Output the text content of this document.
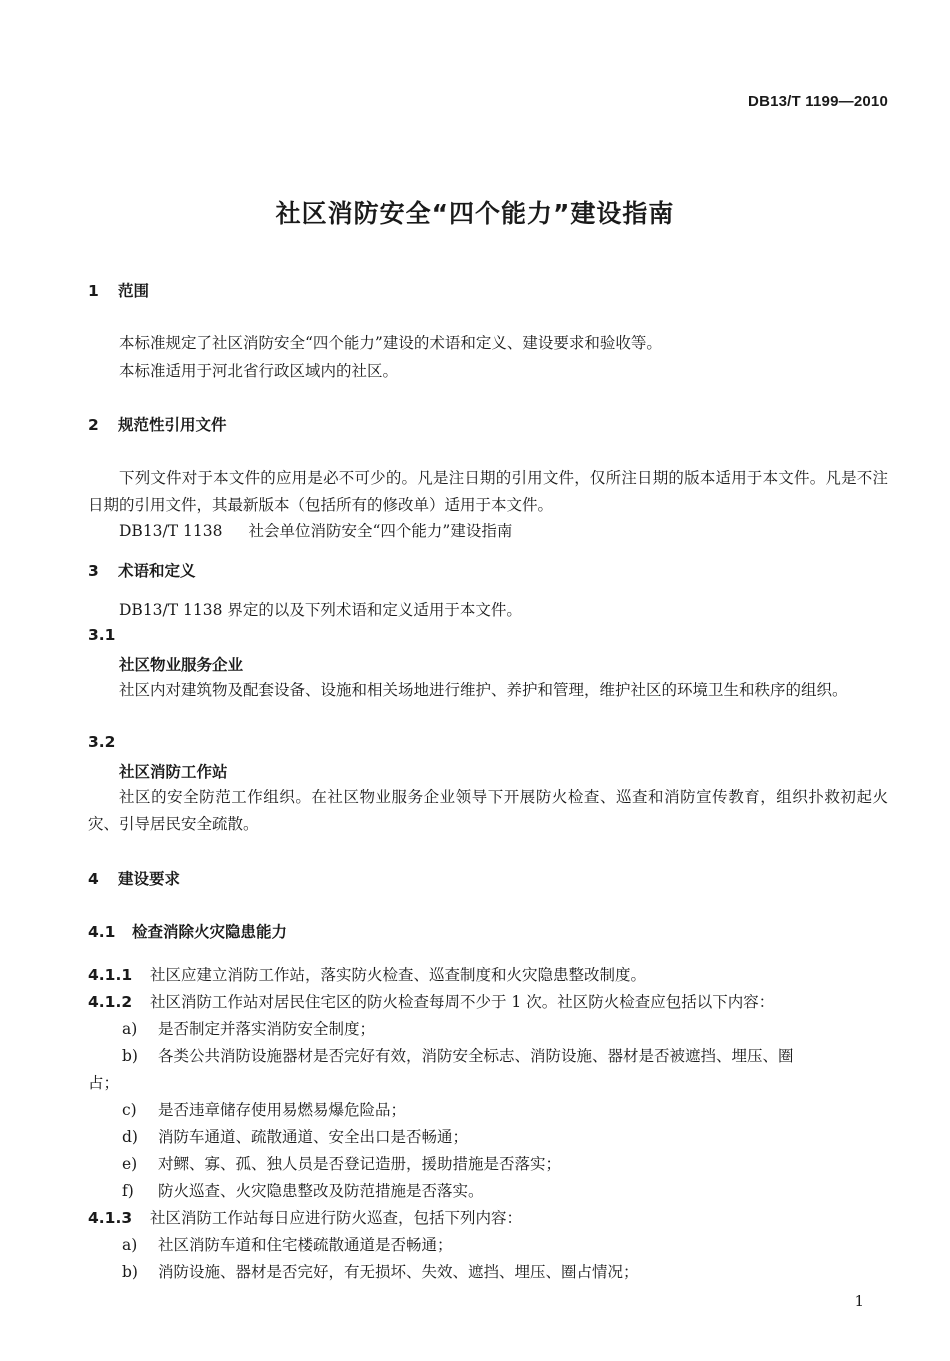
DB13/T 1199—2010
社区消防安全“四个能力”建设指南
1 范围
本标准规定了社区消防安全“四个能力”建设的术语和定义、建设要求和验收等。
本标准适用于河北省行政区域内的社区。
2 规范性引用文件
下列文件对于本文件的应用是必不可少的。凡是注日期的引用文件，仅所注日期的版本适用于本文件。凡是不注日期的引用文件，其最新版本（包括所有的修改单）适用于本文件。
DB13/T 1138 社会单位消防安全“四个能力”建设指南
3 术语和定义
DB13/T 1138 界定的以及下列术语和定义适用于本文件。
3.1
社区物业服务企业
社区内对建筑物及配套设备、设施和相关场地进行维护、养护和管理，维护社区的环境卫生和秩序的组织。
3.2
社区消防工作站
社区的安全防范工作组织。在社区物业服务企业领导下开展防火检查、巡查和消防宣传教育，组织扑救初起火灾、引导居民安全疏散。
4 建设要求
4.1 检查消除火灾隐患能力
4.1.1 社区应建立消防工作站，落实防火检查、巡查制度和火灾隐患整改制度。
4.1.2 社区消防工作站对居民住宅区的防火检查每周不少于 1 次。社区防火检查应包括以下内容：
a) 是否制定并落实消防安全制度；
b) 各类公共消防设施器材是否完好有效，消防安全标志、消防设施、器材是否被遮挡、埋压、圈
占；
c) 是否违章储存使用易燃易爆危险品；
d) 消防车通道、疏散通道、安全出口是否畅通；
e) 对鳏、寡、孤、独人员是否登记造册，援助措施是否落实；
f) 防火巡查、火灾隐患整改及防范措施是否落实。
4.1.3 社区消防工作站每日应进行防火巡查，包括下列内容：
a) 社区消防车道和住宅楼疏散通道是否畅通；
b) 消防设施、器材是否完好，有无损坏、失效、遮挡、埋压、圈占情况；
1
